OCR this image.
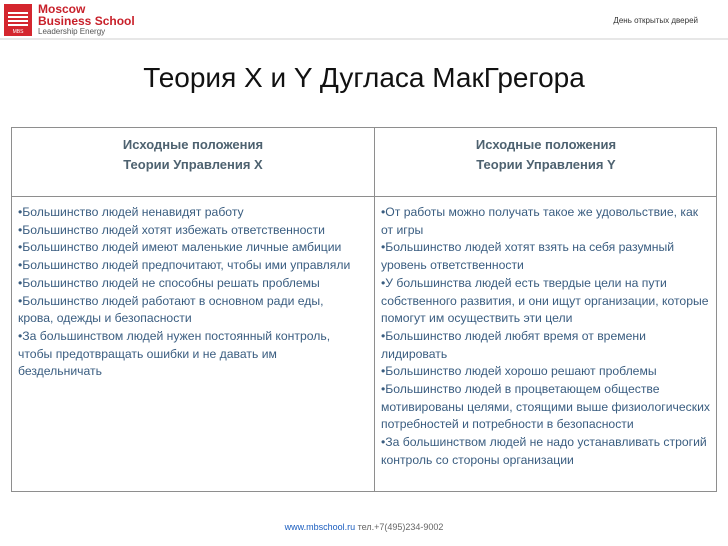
MBS
Moscow
Business School
Leadership Energy
День открытых дверей
Теория X и Y Дугласа МакГрегора
Исходные положения
Теории Управления X
Исходные положения
Теории Управления Y
•Большинство людей ненавидят работу
•Большинство людей хотят избежать ответственности
•Большинство людей имеют маленькие личные амбиции
•Большинство людей предпочитают, чтобы ими управляли
•Большинство людей не способны решать проблемы
•Большинство людей работают в основном ради еды, крова, одежды и безопасности
•За большинством людей нужен постоянный контроль, чтобы предотвращать ошибки и не давать им бездельничать
•От работы можно получать такое же удовольствие, как от игры
•Большинство людей хотят взять на себя разумный уровень ответственности
•У большинства людей есть твердые цели на пути собственного развития, и они ищут организации, которые помогут им осуществить эти цели
•Большинство людей любят время от времени лидировать
•Большинство людей хорошо решают проблемы
•Большинство людей в процветающем обществе мотивированы целями, стоящими выше физиологических потребностей и потребности в безопасности
•За большинством людей не надо устанавливать строгий контроль со стороны организации
www.mbschool.ru тел.+7(495)234-9002
